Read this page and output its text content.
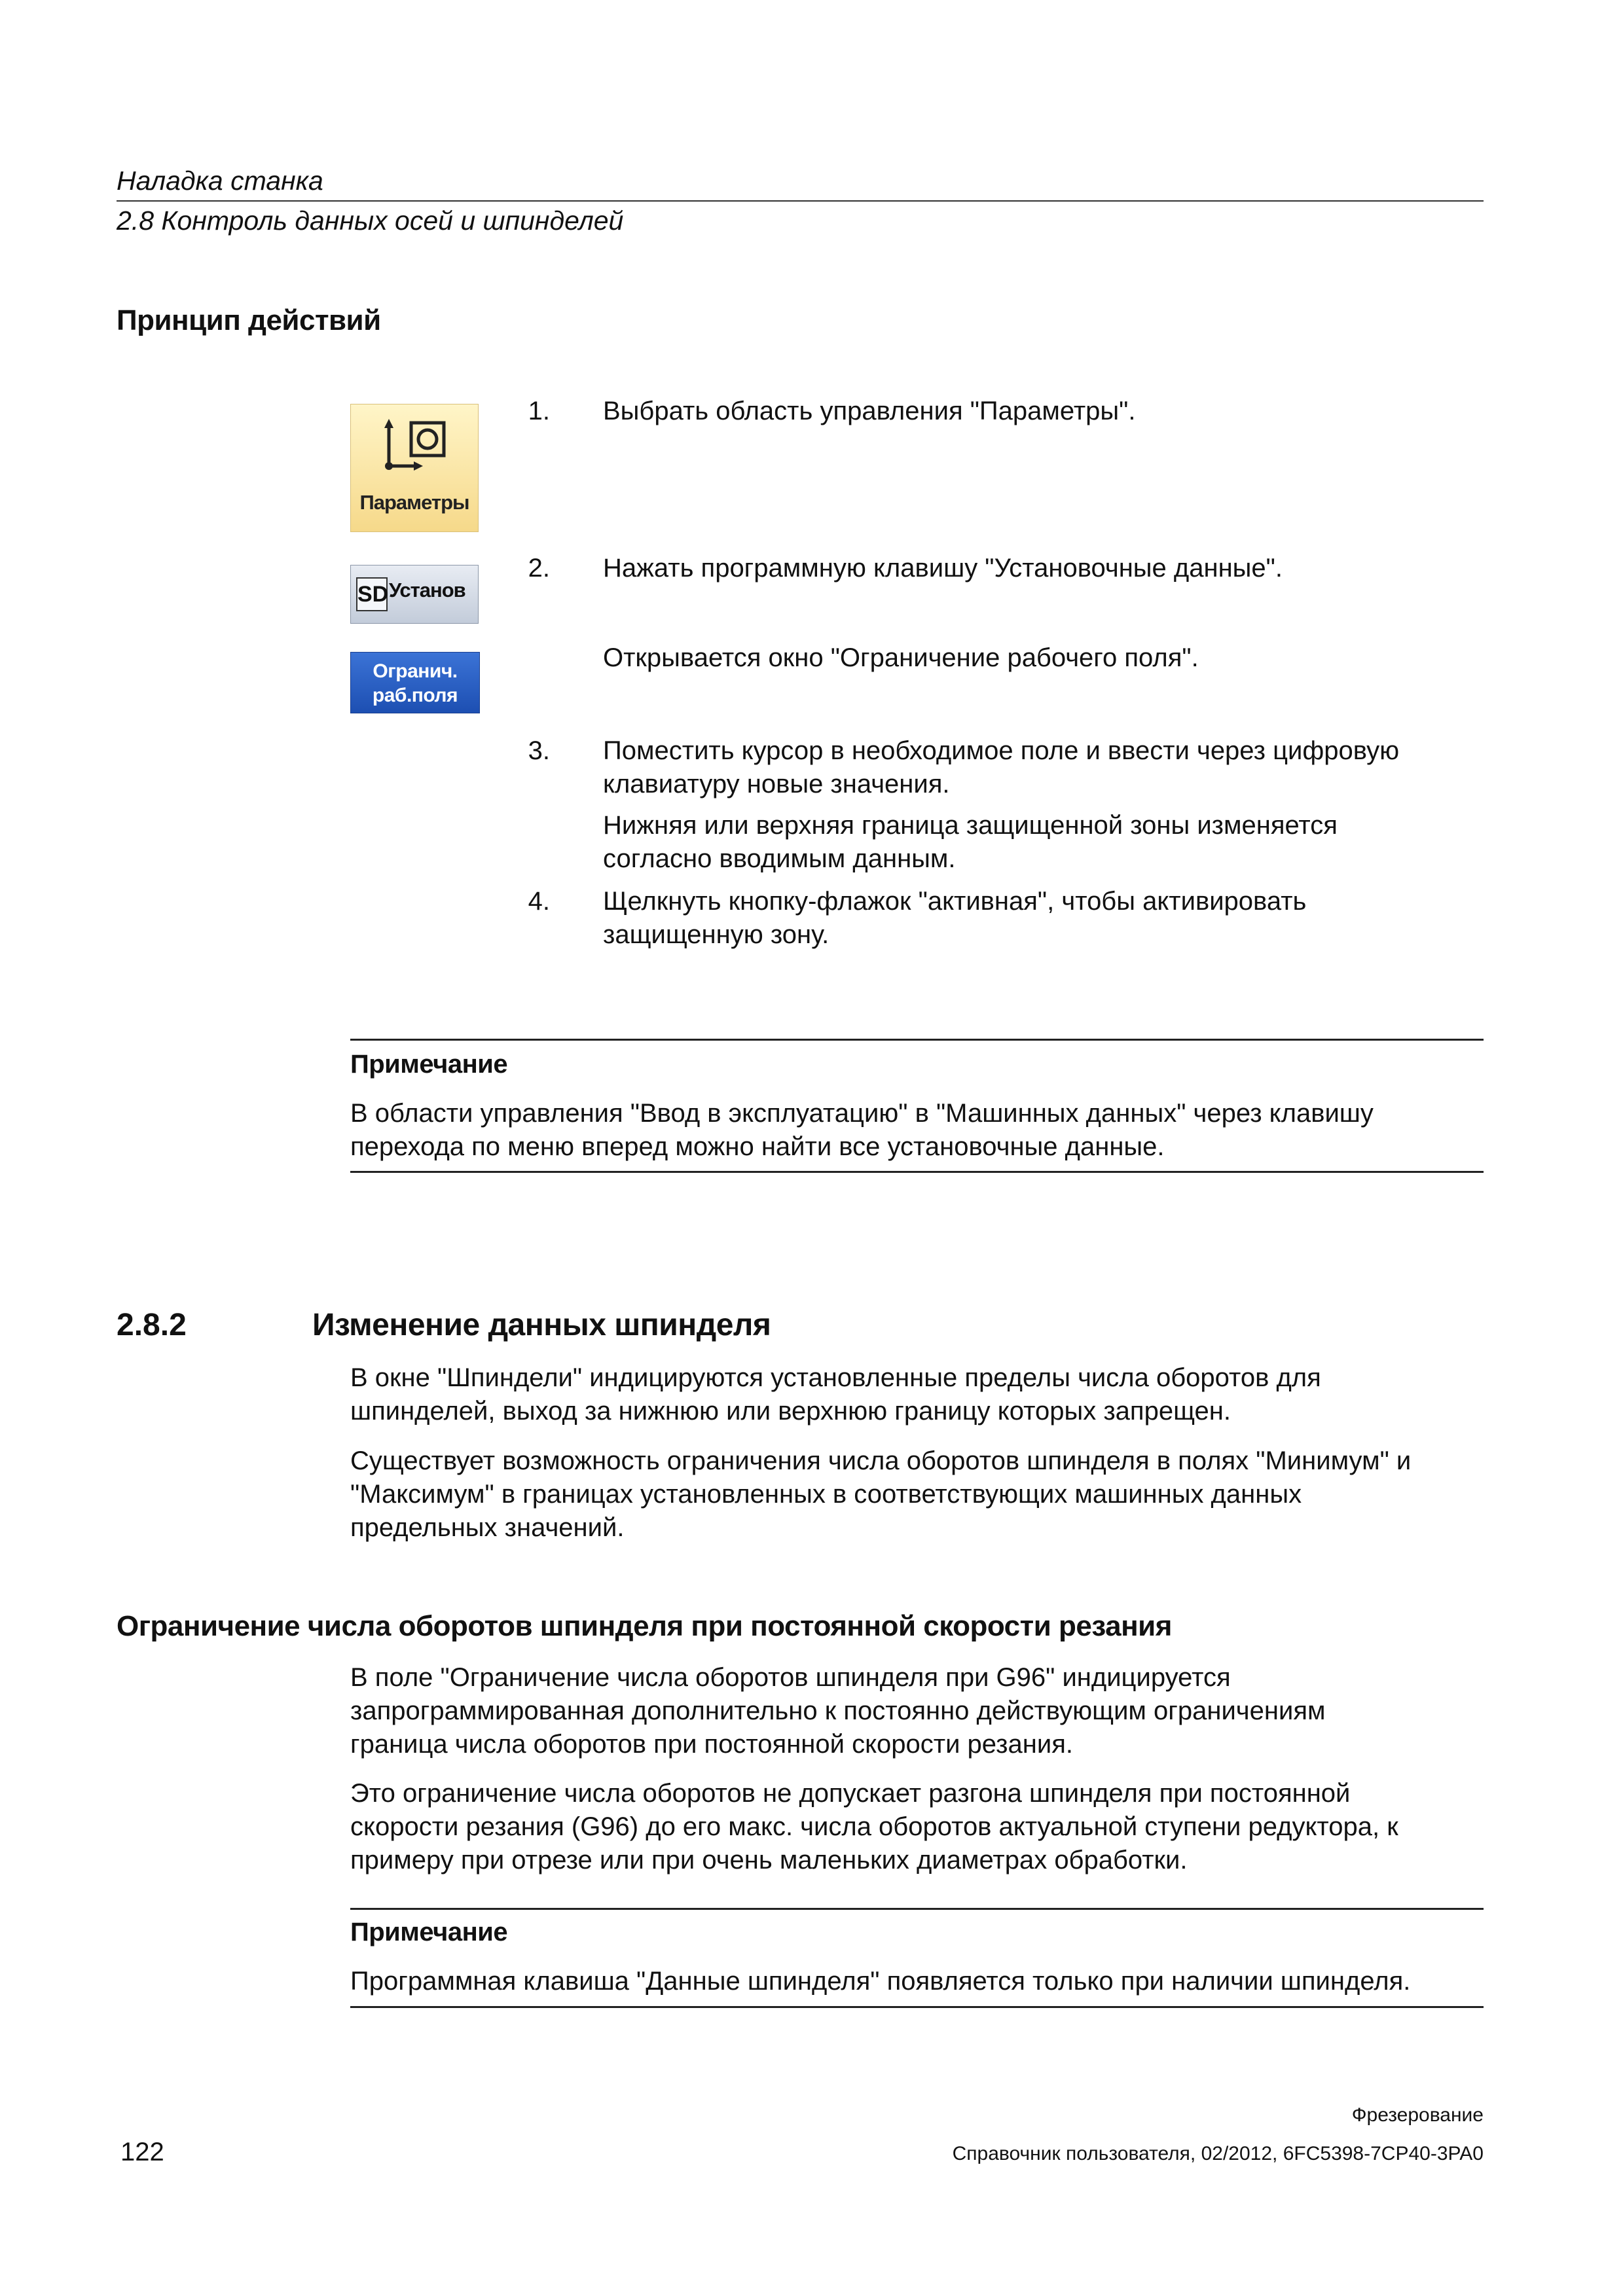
Наладка станка
2.8 Контроль данных осей и шпинделей
Принцип действий
Параметры
SD Установ
Огранич.
раб.поля
1. Выбрать область управления "Параметры".
2. Нажать программную клавишу "Установочные данные".
Открывается окно "Ограничение рабочего поля".
3. Поместить курсор в необходимое поле и ввести через цифровую
клавиатуру новые значения.
Нижняя или верхняя граница защищенной зоны изменяется
согласно вводимым данным.
4. Щелкнуть кнопку-флажок "активная", чтобы активировать
защищенную зону.
Примечание
В области управления "Ввод в эксплуатацию" в "Машинных данных" через клавишу
перехода по меню вперед можно найти все установочные данные.
2.8.2	Изменение данных шпинделя
В окне "Шпиндели" индицируются установленные пределы числа оборотов для
шпинделей, выход за нижнюю или верхнюю границу которых запрещен.
Существует возможность ограничения числа оборотов шпинделя в полях "Минимум" и
"Максимум" в границах установленных в соответствующих машинных данных
предельных значений.
Ограничение числа оборотов шпинделя при постоянной скорости резания
В поле "Ограничение числа оборотов шпинделя при G96" индицируется
запрограммированная дополнительно к постоянно действующим ограничениям
граница числа оборотов при постоянной скорости резания.
Это ограничение числа оборотов не допускает разгона шпинделя при постоянной
скорости резания (G96) до его макс. числа оборотов актуальной ступени редуктора, к
примеру при отрезе или при очень маленьких диаметрах обработки.
Примечание
Программная клавиша "Данные шпинделя" появляется только при наличии шпинделя.
Фрезерование
122	Справочник пользователя, 02/2012, 6FC5398-7CP40-3PA0
